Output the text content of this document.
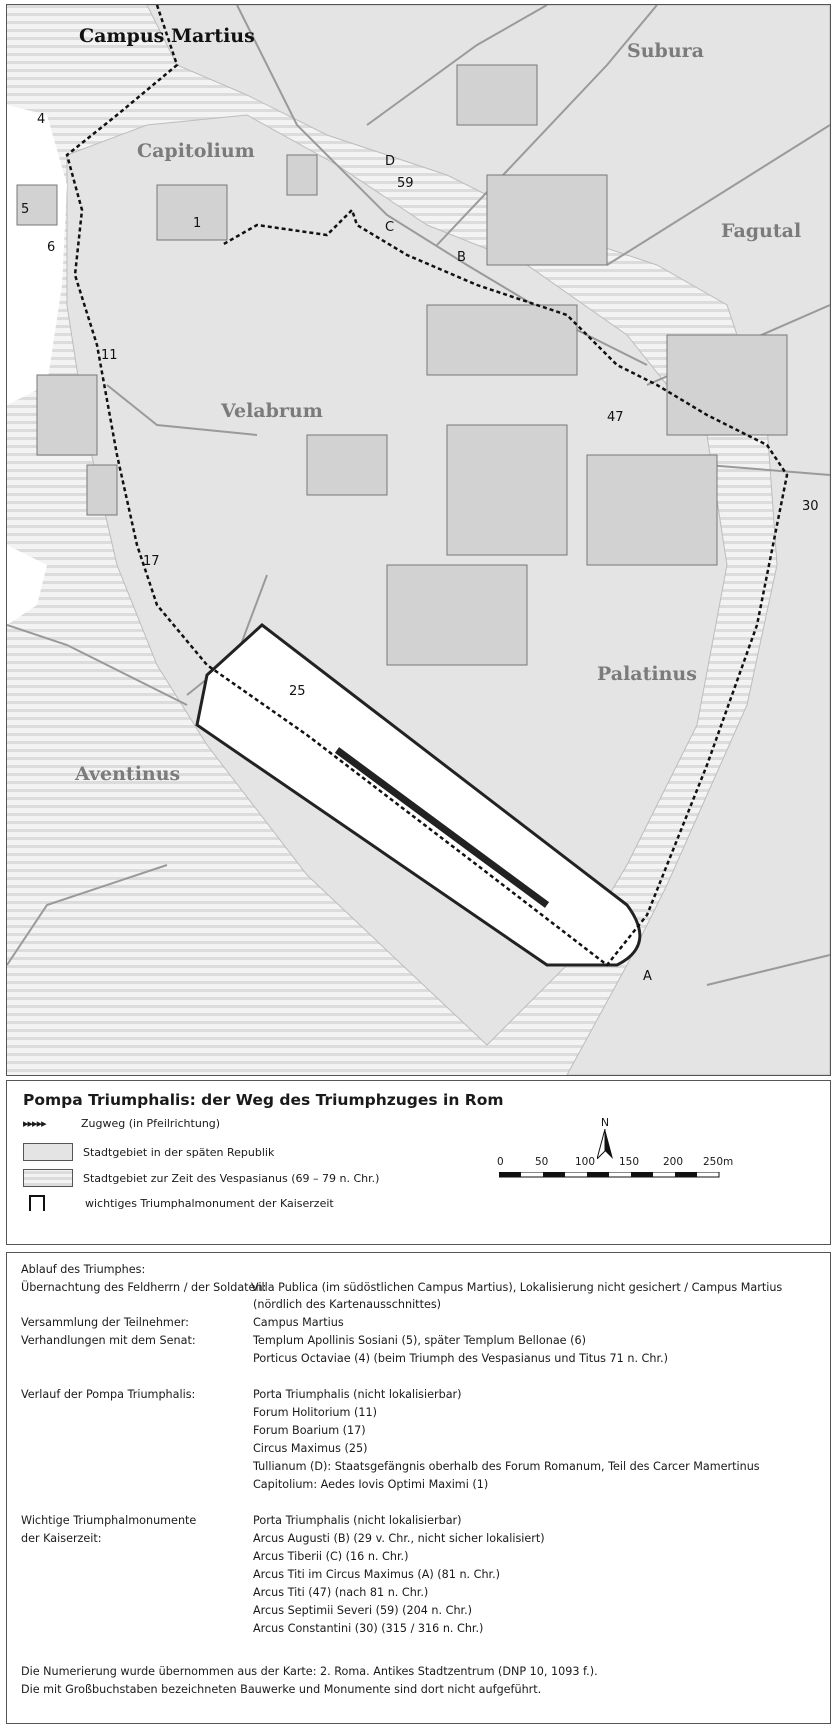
Campus Martius
Subura
Capitolium
Fagutal
Velabrum
Palatinus
Aventinus
4
5
6
1
11
17
25
47
30
59
A
B
C
D
Pompa Triumphalis: der Weg des Triumphzuges in Rom
▸▸▸▸▸	Zugweg (in Pfeilrichtung)
Stadtgebiet in der späten Republik
Stadtgebiet zur Zeit des Vespasianus (69 – 79 n. Chr.)
wichtiges Triumphalmonument der Kaiserzeit
N
0	50	100 150 200 250 m
Ablauf des Triumphes:
Übernachtung des Feldherrn / der Soldaten:
Villa Publica (im südöstlichen Campus Martius), Lokalisierung nicht gesichert / Campus Martius
(nördlich des Kartenausschnittes)
Versammlung der Teilnehmer:	Campus Martius
Verhandlungen mit dem Senat:	Templum Apollinis Sosiani (5), später Templum Bellonae (6)
Porticus Octaviae (4) (beim Triumph des Vespasianus und Titus 71 n. Chr.)
Verlauf der Pompa Triumphalis:	Porta Triumphalis (nicht lokalisierbar)
Forum Holitorium (11)
Forum Boarium (17)
Circus Maximus (25)
Tullianum (D): Staatsgefängnis oberhalb des Forum Romanum, Teil des Carcer Mamertinus
Capitolium: Aedes Iovis Optimi Maximi (1)
Wichtige Triumphalmonumente	Porta Triumphalis (nicht lokalisierbar)
der Kaiserzeit:	Arcus Augusti (B) (29 v. Chr., nicht sicher lokalisiert)
Arcus Tiberii (C) (16 n. Chr.)
Arcus Titi im Circus Maximus (A) (81 n. Chr.)
Arcus Titi (47) (nach 81 n. Chr.)
Arcus Septimii Severi (59) (204 n. Chr.)
Arcus Constantini (30) (315 / 316 n. Chr.)
Die Numerierung wurde übernommen aus der Karte: 2. Roma. Antikes Stadtzentrum (DNP 10, 1093 f.).
Die mit Großbuchstaben bezeichneten Bauwerke und Monumente sind dort nicht aufgeführt.
